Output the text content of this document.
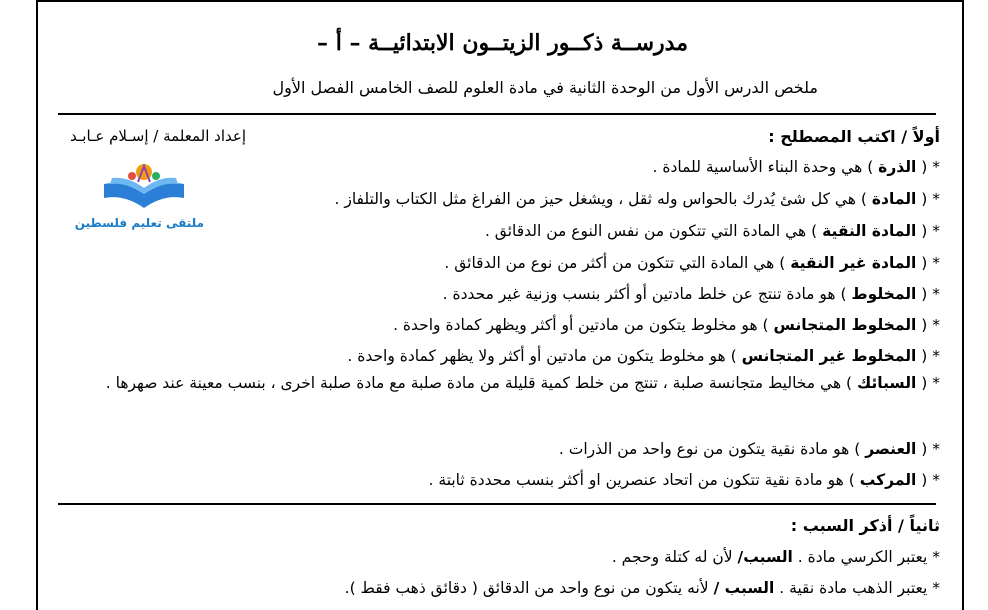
مدرســة ذكــور الزيتــون الابتدائيــة – أ –
ملخص الدرس الأول من الوحدة الثانية في مادة العلوم للصف الخامس الفصل الأول
إعداد المعلمة / إسـلام عـابـد
ملتقى تعليم فلسطين
أولاً / اكتب المصطلح :
* ( الذرة ) هي وحدة البناء الأساسية للمادة .
* ( المادة ) هي كل شئ يُدرك بالحواس وله ثقل ، ويشغل حيز من الفراغ مثل الكتاب والتلفاز .
* ( المادة النقية ) هي المادة التي تتكون من نفس النوع من الدقائق .
* ( المادة غير النقية ) هي المادة التي تتكون من أكثر من نوع من الدقائق .
* ( المخلوط ) هو مادة تنتج عن خلط مادتين أو أكثر بنسب وزنية غير محددة .
* ( المخلوط المتجانس ) هو مخلوط يتكون من مادتين أو أكثر ويظهر كمادة واحدة .
* ( المخلوط غير المتجانس ) هو مخلوط يتكون من مادتين أو أكثر ولا يظهر كمادة واحدة .
* ( السبائك ) هي مخاليط متجانسة صلبة ، تنتج من خلط كمية قليلة من مادة صلبة مع مادة صلبة اخرى ، بنسب معينة عند صهرها .
* ( العنصر ) هو مادة نقية يتكون من نوع واحد من الذرات .
* ( المركب ) هو مادة نقية تتكون من اتحاد عنصرين او أكثر بنسب محددة ثابتة .
ثانياً / أذكر السبب :
* يعتبر الكرسي مادة . السبب/ لأن له كتلة وحجم .
* يعتبر الذهب مادة نقية . السبب / لأنه يتكون من نوع واحد من الدقائق ( دقائق ذهب فقط ).
